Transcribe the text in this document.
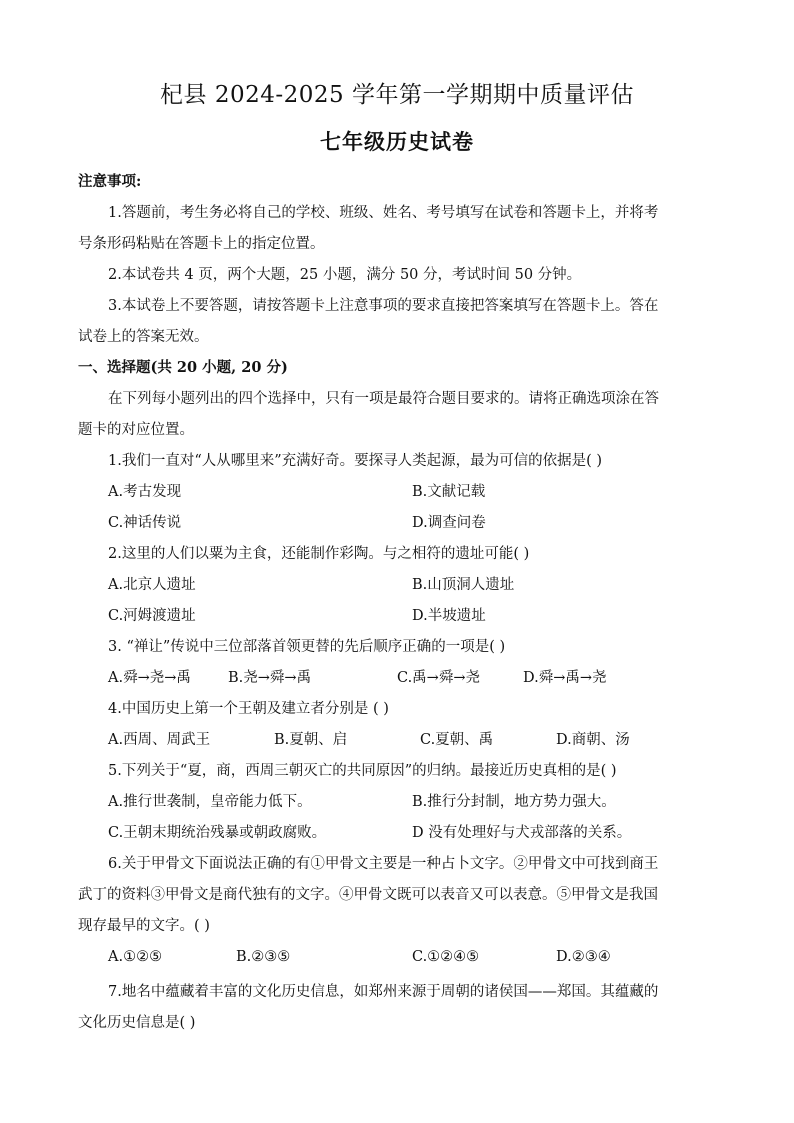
杞县 2024-2025 学年第一学期期中质量评估
七年级历史试卷
注意事项:
1.答题前，考生务必将自己的学校、班级、姓名、考号填写在试卷和答题卡上，并将考
号条形码粘贴在答题卡上的指定位置。
2.本试卷共 4 页，两个大题，25 小题，满分 50 分，考试时间 50 分钟。
3.本试卷上不要答题，请按答题卡上注意事项的要求直接把答案填写在答题卡上。答在
试卷上的答案无效。
一、选择题(共 20 小题, 20 分)
在下列每小题列出的四个选择中，只有一项是最符合题目要求的。请将正确选项涂在答
题卡的对应位置。
1.我们一直对“人从哪里来”充满好奇。要探寻人类起源，最为可信的依据是( )
A.考古发现	B.文献记载
C.神话传说	D.调查问卷
2.这里的人们以粟为主食，还能制作彩陶。与之相符的遗址可能( )
A.北京人遗址	B.山顶洞人遗址
C.河姆渡遗址	D.半坡遗址
3. “禅让”传说中三位部落首领更替的先后顺序正确的一项是( )
A.舜→尧→禹	B.尧→舜→禹	C.禹→舜→尧	D.舜→禹→尧
4.中国历史上第一个王朝及建立者分别是 ( )
A.西周、周武王	B.夏朝、启	C.夏朝、禹	D.商朝、汤
5.下列关于“夏，商，西周三朝灭亡的共同原因”的归纳。最接近历史真相的是( )
A.推行世袭制，皇帝能力低下。	B.推行分封制，地方势力强大。
C.王朝末期统治残暴或朝政腐败。	D 没有处理好与犬戎部落的关系。
6.关于甲骨文下面说法正确的有①甲骨文主要是一种占卜文字。②甲骨文中可找到商王
武丁的资料③甲骨文是商代独有的文字。④甲骨文既可以表音又可以表意。⑤甲骨文是我国
现存最早的文字。( )
A.①②⑤	B.②③⑤	C.①②④⑤	D.②③④
7.地名中蕴藏着丰富的文化历史信息，如郑州来源于周朝的诸侯国——郑国。其蕴藏的
文化历史信息是( )
